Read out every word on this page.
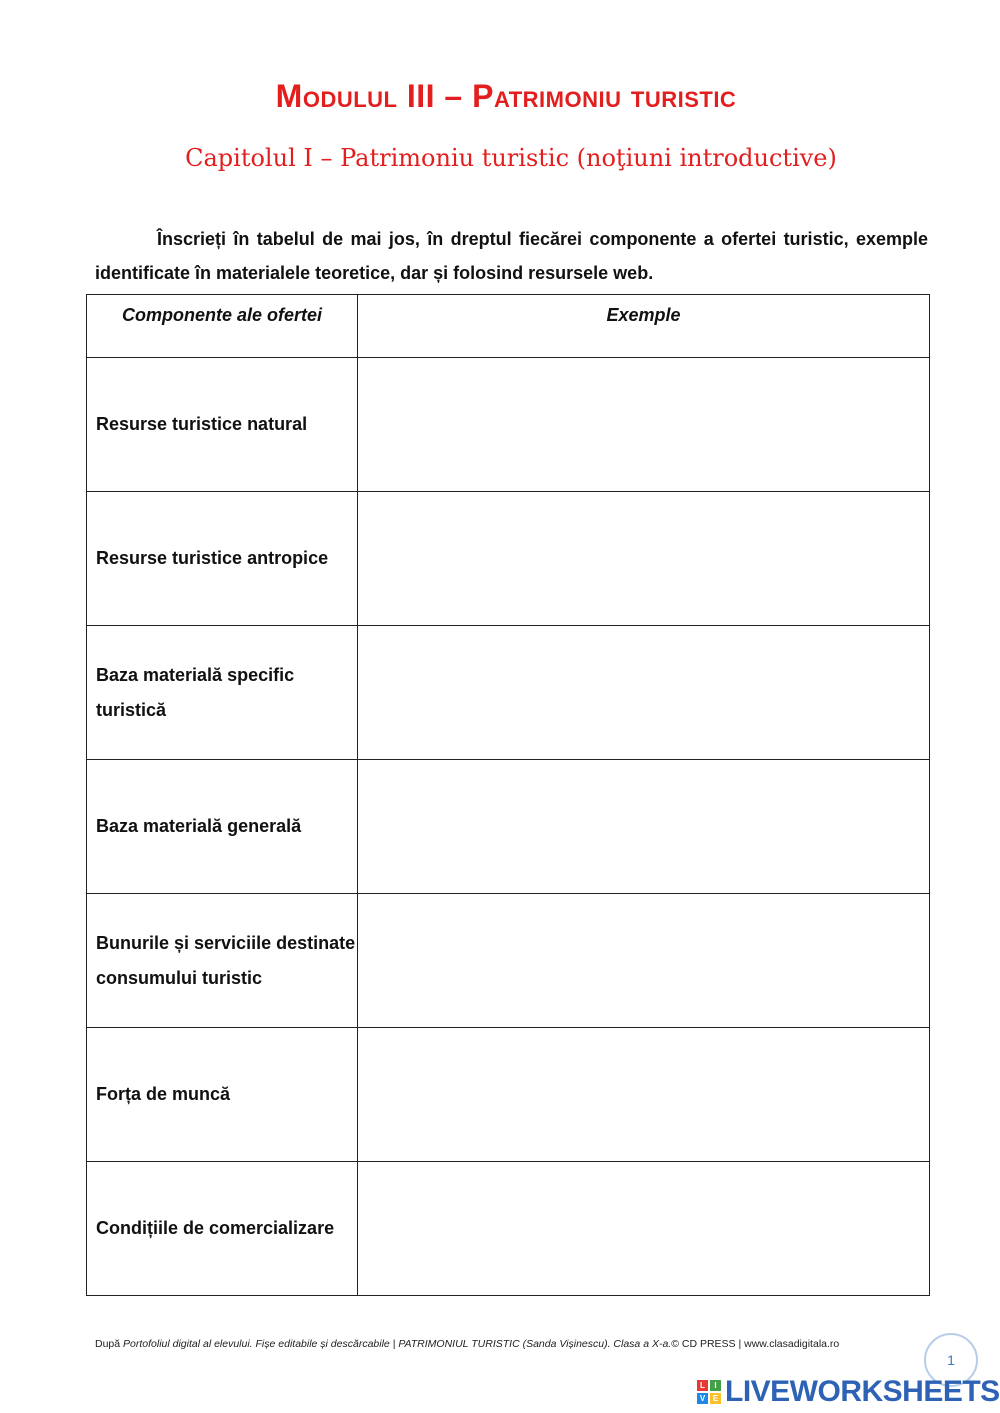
Modulul III – Patrimoniu turistic
Capitolul I – Patrimoniu turistic (noţiuni introductive)
Înscrieți în tabelul de mai jos, în dreptul fiecărei componente a ofertei turistic, exemple identificate în materialele teoretice, dar și folosind resursele web.
Componente ale ofertei	Exemple
Resurse turistice natural	
Resurse turistice antropice	
Baza materială specific turistică	
Baza materială generală	
Bunurile și serviciile destinate consumului turistic	
Forța de muncă	
Condițiile de comercializare	
După Portofoliul digital al elevului. Fișe editabile și descărcabile | PATRIMONIUL TURISTIC (Sanda Vișinescu). Clasa a X-a.© CD PRESS | www.clasadigitala.ro
1
L	I
V E LIVEWORKSHEETS
